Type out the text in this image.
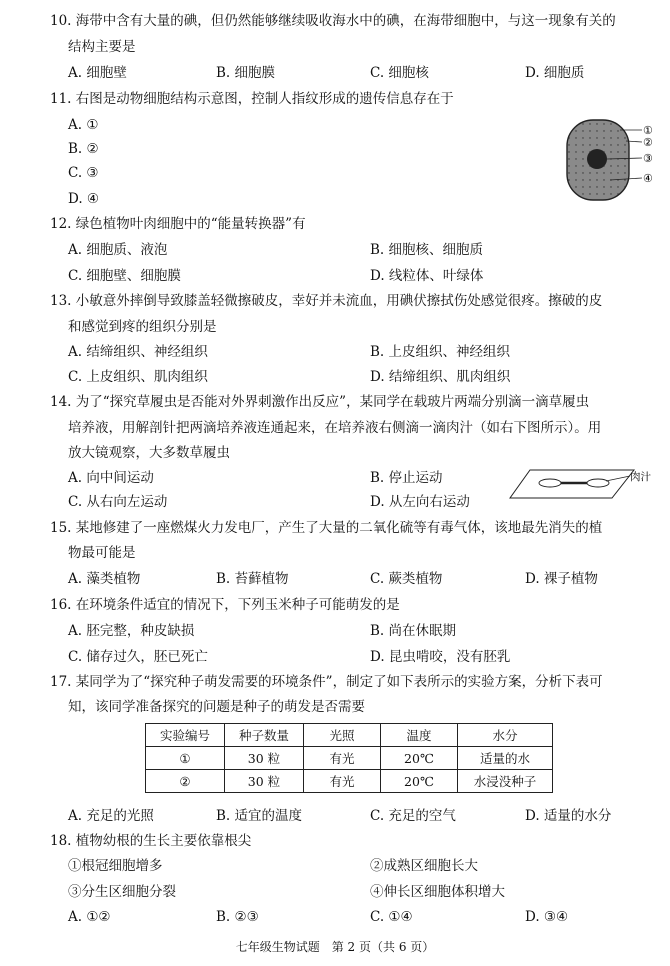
10. 海带中含有大量的碘，但仍然能够继续吸收海水中的碘，在海带细胞中，与这一现象有关的
结构主要是
A. 细胞壁	B. 细胞膜	C. 细胞核	D. 细胞质
11. 右图是动物细胞结构示意图，控制人指纹形成的遗传信息存在于
A. ①
B. ②
C. ③
D. ④
①
②
③
④
12. 绿色植物叶肉细胞中的“能量转换器”有
A. 细胞质、液泡	B. 细胞核、细胞质
C. 细胞壁、细胞膜	D. 线粒体、叶绿体
13. 小敏意外摔倒导致膝盖轻微擦破皮，幸好并未流血，用碘伏擦拭伤处感觉很疼。擦破的皮
和感觉到疼的组织分别是
A. 结缔组织、神经组织	B. 上皮组织、神经组织
C. 上皮组织、肌肉组织	D. 结缔组织、肌肉组织
14. 为了“探究草履虫是否能对外界刺激作出反应”，某同学在载玻片两端分别滴一滴草履虫
培养液，用解剖针把两滴培养液连通起来，在培养液右侧滴一滴肉汁（如右下图所示）。用
放大镜观察，大多数草履虫
A. 向中间运动	B. 停止运动
C. 从右向左运动	D. 从左向右运动
肉汁
15. 某地修建了一座燃煤火力发电厂，产生了大量的二氧化硫等有毒气体，该地最先消失的植
物最可能是
A. 藻类植物	B. 苔藓植物	C. 蕨类植物	D. 裸子植物
16. 在环境条件适宜的情况下，下列玉米种子可能萌发的是
A. 胚完整，种皮缺损	B. 尚在休眠期
C. 储存过久，胚已死亡	D. 昆虫啃咬，没有胚乳
17. 某同学为了“探究种子萌发需要的环境条件”，制定了如下表所示的实验方案，分析下表可
知，该同学准备探究的问题是种子的萌发是否需要
实验编号	种子数量	光照	温度	水分
①	30 粒	有光	20℃	适量的水
②	30 粒	有光	20℃	水浸没种子
A. 充足的光照	B. 适宜的温度	C. 充足的空气	D. 适量的水分
18. 植物幼根的生长主要依靠根尖
①根冠细胞增多	②成熟区细胞长大
③分生区细胞分裂	④伸长区细胞体积增大
A. ①②	B. ②③	C. ①④	D. ③④
七年级生物试题　第 2 页（共 6 页）
